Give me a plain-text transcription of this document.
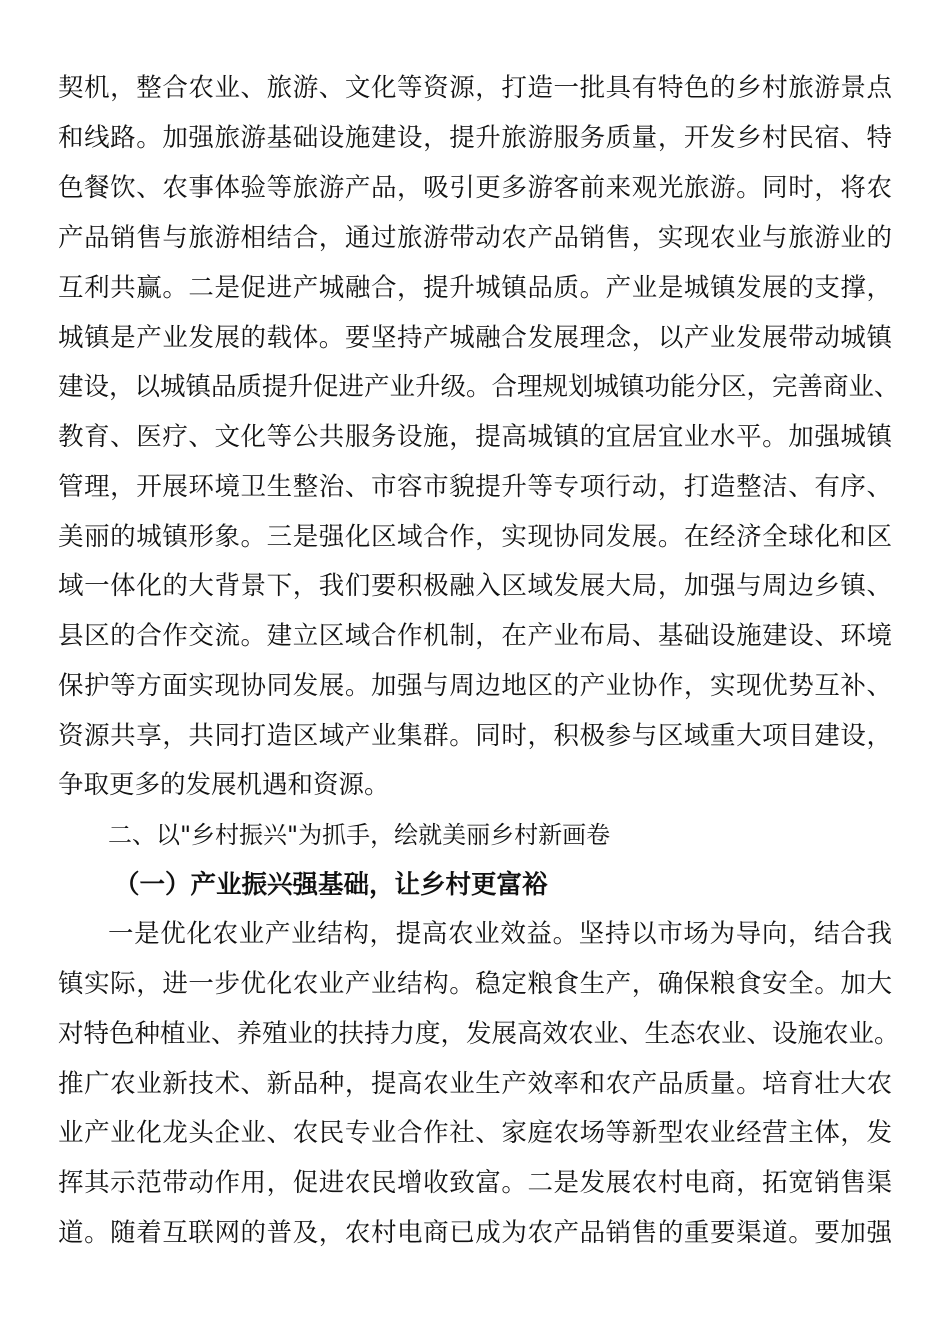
契机，整合农业、旅游、文化等资源，打造一批具有特色的乡村旅游景点
和线路。加强旅游基础设施建设，提升旅游服务质量，开发乡村民宿、特
色餐饮、农事体验等旅游产品，吸引更多游客前来观光旅游。同时，将农
产品销售与旅游相结合，通过旅游带动农产品销售，实现农业与旅游业的
互利共赢。二是促进产城融合，提升城镇品质。产业是城镇发展的支撑，
城镇是产业发展的载体。要坚持产城融合发展理念，以产业发展带动城镇
建设，以城镇品质提升促进产业升级。合理规划城镇功能分区，完善商业、
教育、医疗、文化等公共服务设施，提高城镇的宜居宜业水平。加强城镇
管理，开展环境卫生整治、市容市貌提升等专项行动，打造整洁、有序、
美丽的城镇形象。三是强化区域合作，实现协同发展。在经济全球化和区
域一体化的大背景下，我们要积极融入区域发展大局，加强与周边乡镇、
县区的合作交流。建立区域合作机制，在产业布局、基础设施建设、环境
保护等方面实现协同发展。加强与周边地区的产业协作，实现优势互补、
资源共享，共同打造区域产业集群。同时，积极参与区域重大项目建设，
争取更多的发展机遇和资源。
二、以"乡村振兴"为抓手，绘就美丽乡村新画卷
（一）产业振兴强基础，让乡村更富裕
一是优化农业产业结构，提高农业效益。坚持以市场为导向，结合我
镇实际，进一步优化农业产业结构。稳定粮食生产，确保粮食安全。加大
对特色种植业、养殖业的扶持力度，发展高效农业、生态农业、设施农业。
推广农业新技术、新品种，提高农业生产效率和农产品质量。培育壮大农
业产业化龙头企业、农民专业合作社、家庭农场等新型农业经营主体，发
挥其示范带动作用，促进农民增收致富。二是发展农村电商，拓宽销售渠
道。随着互联网的普及，农村电商已成为农产品销售的重要渠道。要加强
